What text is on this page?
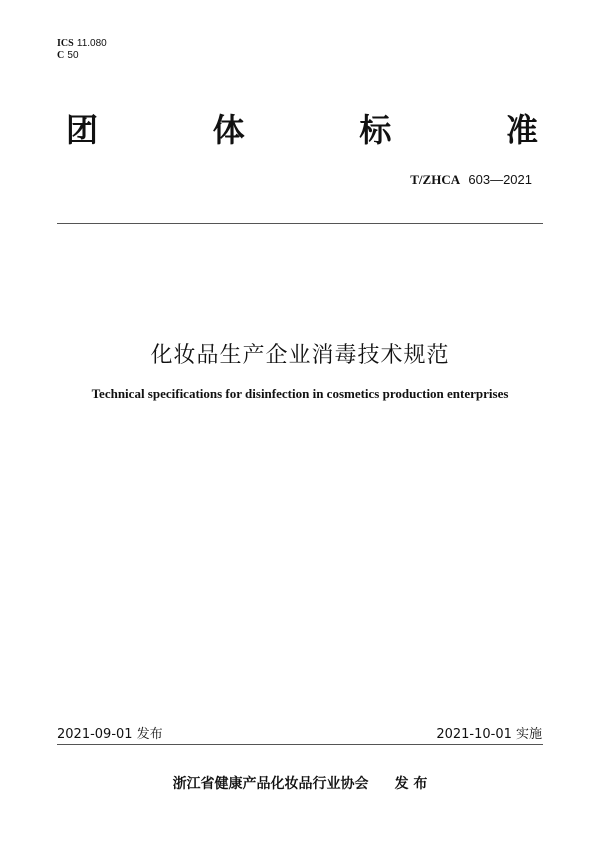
ICS 11.080
C 50
团	体	标	准
T/ZHCA 603—2021
化妆品生产企业消毒技术规范
Technical specifications for disinfection in cosmetics production enterprises
2021-09-01 发布	2021-10-01 实施
浙江省健康产品化妆品行业协会 发 布
